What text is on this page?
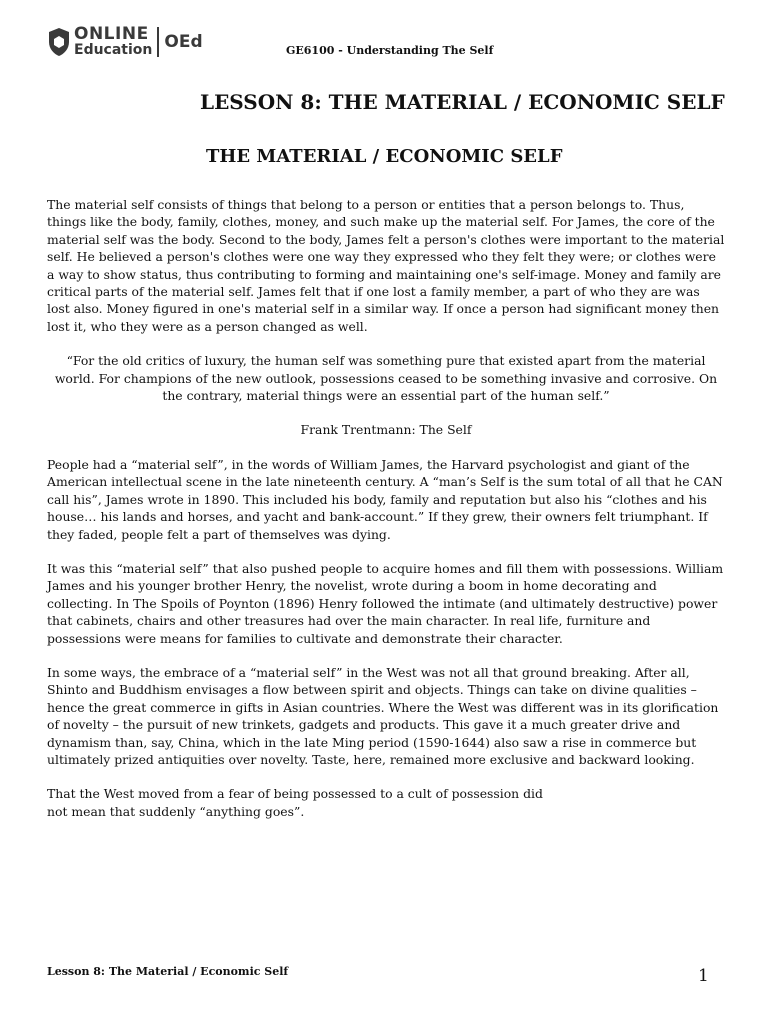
ONLINE
Education OEd	GE6100 - Understanding The Self
LESSON 8: THE MATERIAL / ECONOMIC SELF
THE MATERIAL / ECONOMIC SELF

The material self consists of things that belong to a person or entities that a person belongs to. Thus, things like the body, family, clothes, money, and such make up the material self. For James, the core of the material self was the body. Second to the body, James felt a person's clothes were important to the material self. He believed a person's clothes were one way they expressed who they felt they were; or clothes were a way to show status, thus contributing to forming and maintaining one's self-image. Money and family are critical parts of the material self. James felt that if one lost a family member, a part of who they are was lost also. Money figured in one's material self in a similar way. If once a person had significant money then lost it, who they were as a person changed as well.

“For the old critics of luxury, the human self was something pure that existed apart from the material world. For champions of the new outlook, possessions ceased to be something invasive and corrosive. On the contrary, material things were an essential part of the human self.”

Frank Trentmann: The Self

People had a “material self”, in the words of William James, the Harvard psychologist and giant of the American intellectual scene in the late nineteenth century. A “man’s Self is the sum total of all that he CAN call his”, James wrote in 1890. This included his body, family and reputation but also his “clothes and his house… his lands and horses, and yacht and bank-account.” If they grew, their owners felt triumphant. If they faded, people felt a part of themselves was dying.

It was this “material self” that also pushed people to acquire homes and fill them with possessions. William James and his younger brother Henry, the novelist, wrote during a boom in home decorating and collecting. In The Spoils of Poynton (1896) Henry followed the intimate (and ultimately destructive) power that cabinets, chairs and other treasures had over the main character. In real life, furniture and possessions were means for families to cultivate and demonstrate their character.

In some ways, the embrace of a “material self” in the West was not all that ground breaking. After all, Shinto and Buddhism envisages a flow between spirit and objects. Things can take on divine qualities – hence the great commerce in gifts in Asian countries. Where the West was different was in its glorification of novelty – the pursuit of new trinkets, gadgets and products. This gave it a much greater drive and dynamism than, say, China, which in the late Ming period (1590-1644) also saw a rise in commerce but ultimately prized antiquities over novelty. Taste, here, remained more exclusive and backward looking.

That the West moved from a fear of being possessed to a cult of possession did

not mean that suddenly “anything goes”.

Lesson 8: The Material / Economic Self	1
